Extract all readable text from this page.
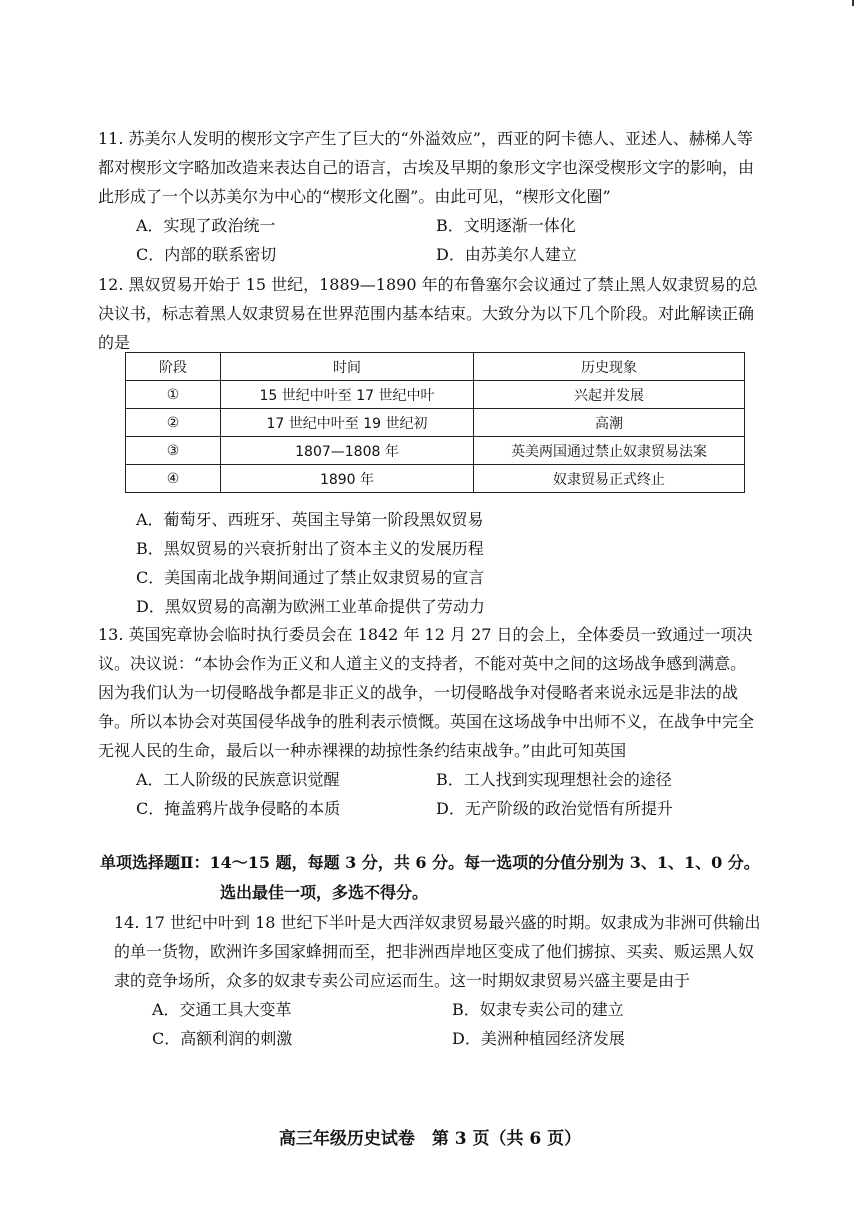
11. 苏美尔人发明的楔形文字产生了巨大的“外溢效应”，西亚的阿卡德人、亚述人、赫梯人等都对楔形文字略加改造来表达自己的语言，古埃及早期的象形文字也深受楔形文字的影响，由此形成了一个以苏美尔为中心的“楔形文化圈”。由此可见，“楔形文化圈”

A．实现了政治统一	B．文明逐渐一体化
C．内部的联系密切	D．由苏美尔人建立

12. 黑奴贸易开始于 15 世纪，1889—1890 年的布鲁塞尔会议通过了禁止黑人奴隶贸易的总决议书，标志着黑人奴隶贸易在世界范围内基本结束。大致分为以下几个阶段。对此解读正确的是

阶段	时间	历史现象
①	15 世纪中叶至 17 世纪中叶	兴起并发展
②	17 世纪中叶至 19 世纪初	高潮
③	1807—1808 年	英美两国通过禁止奴隶贸易法案
④	1890 年	奴隶贸易正式终止
A．葡萄牙、西班牙、英国主导第一阶段黑奴贸易
B．黑奴贸易的兴衰折射出了资本主义的发展历程
C．美国南北战争期间通过了禁止奴隶贸易的宣言
D．黑奴贸易的高潮为欧洲工业革命提供了劳动力

13. 英国宪章协会临时执行委员会在 1842 年 12 月 27 日的会上，全体委员一致通过一项决议。决议说：“本协会作为正义和人道主义的支持者，不能对英中之间的这场战争感到满意。因为我们认为一切侵略战争都是非正义的战争，一切侵略战争对侵略者来说永远是非法的战争。所以本协会对英国侵华战争的胜利表示愤慨。英国在这场战争中出师不义，在战争中完全无视人民的生命，最后以一种赤裸裸的劫掠性条约结束战争。”由此可知英国

A．工人阶级的民族意识觉醒	B．工人找到实现理想社会的途径
C．掩盖鸦片战争侵略的本质	D．无产阶级的政治觉悟有所提升
单项选择题Ⅱ：14～15 题，每题 3 分，共 6 分。每一选项的分值分别为 3、1、1、0 分。
选出最佳一项，多选不得分。

14. 17 世纪中叶到 18 世纪下半叶是大西洋奴隶贸易最兴盛的时期。奴隶成为非洲可供输出的单一货物，欧洲许多国家蜂拥而至，把非洲西岸地区变成了他们掳掠、买卖、贩运黑人奴隶的竞争场所，众多的奴隶专卖公司应运而生。这一时期奴隶贸易兴盛主要是由于

A．交通工具大变革	B．奴隶专卖公司的建立
C．高额利润的刺激	D．美洲种植园经济发展
高三年级历史试卷　第 3 页（共 6 页）
